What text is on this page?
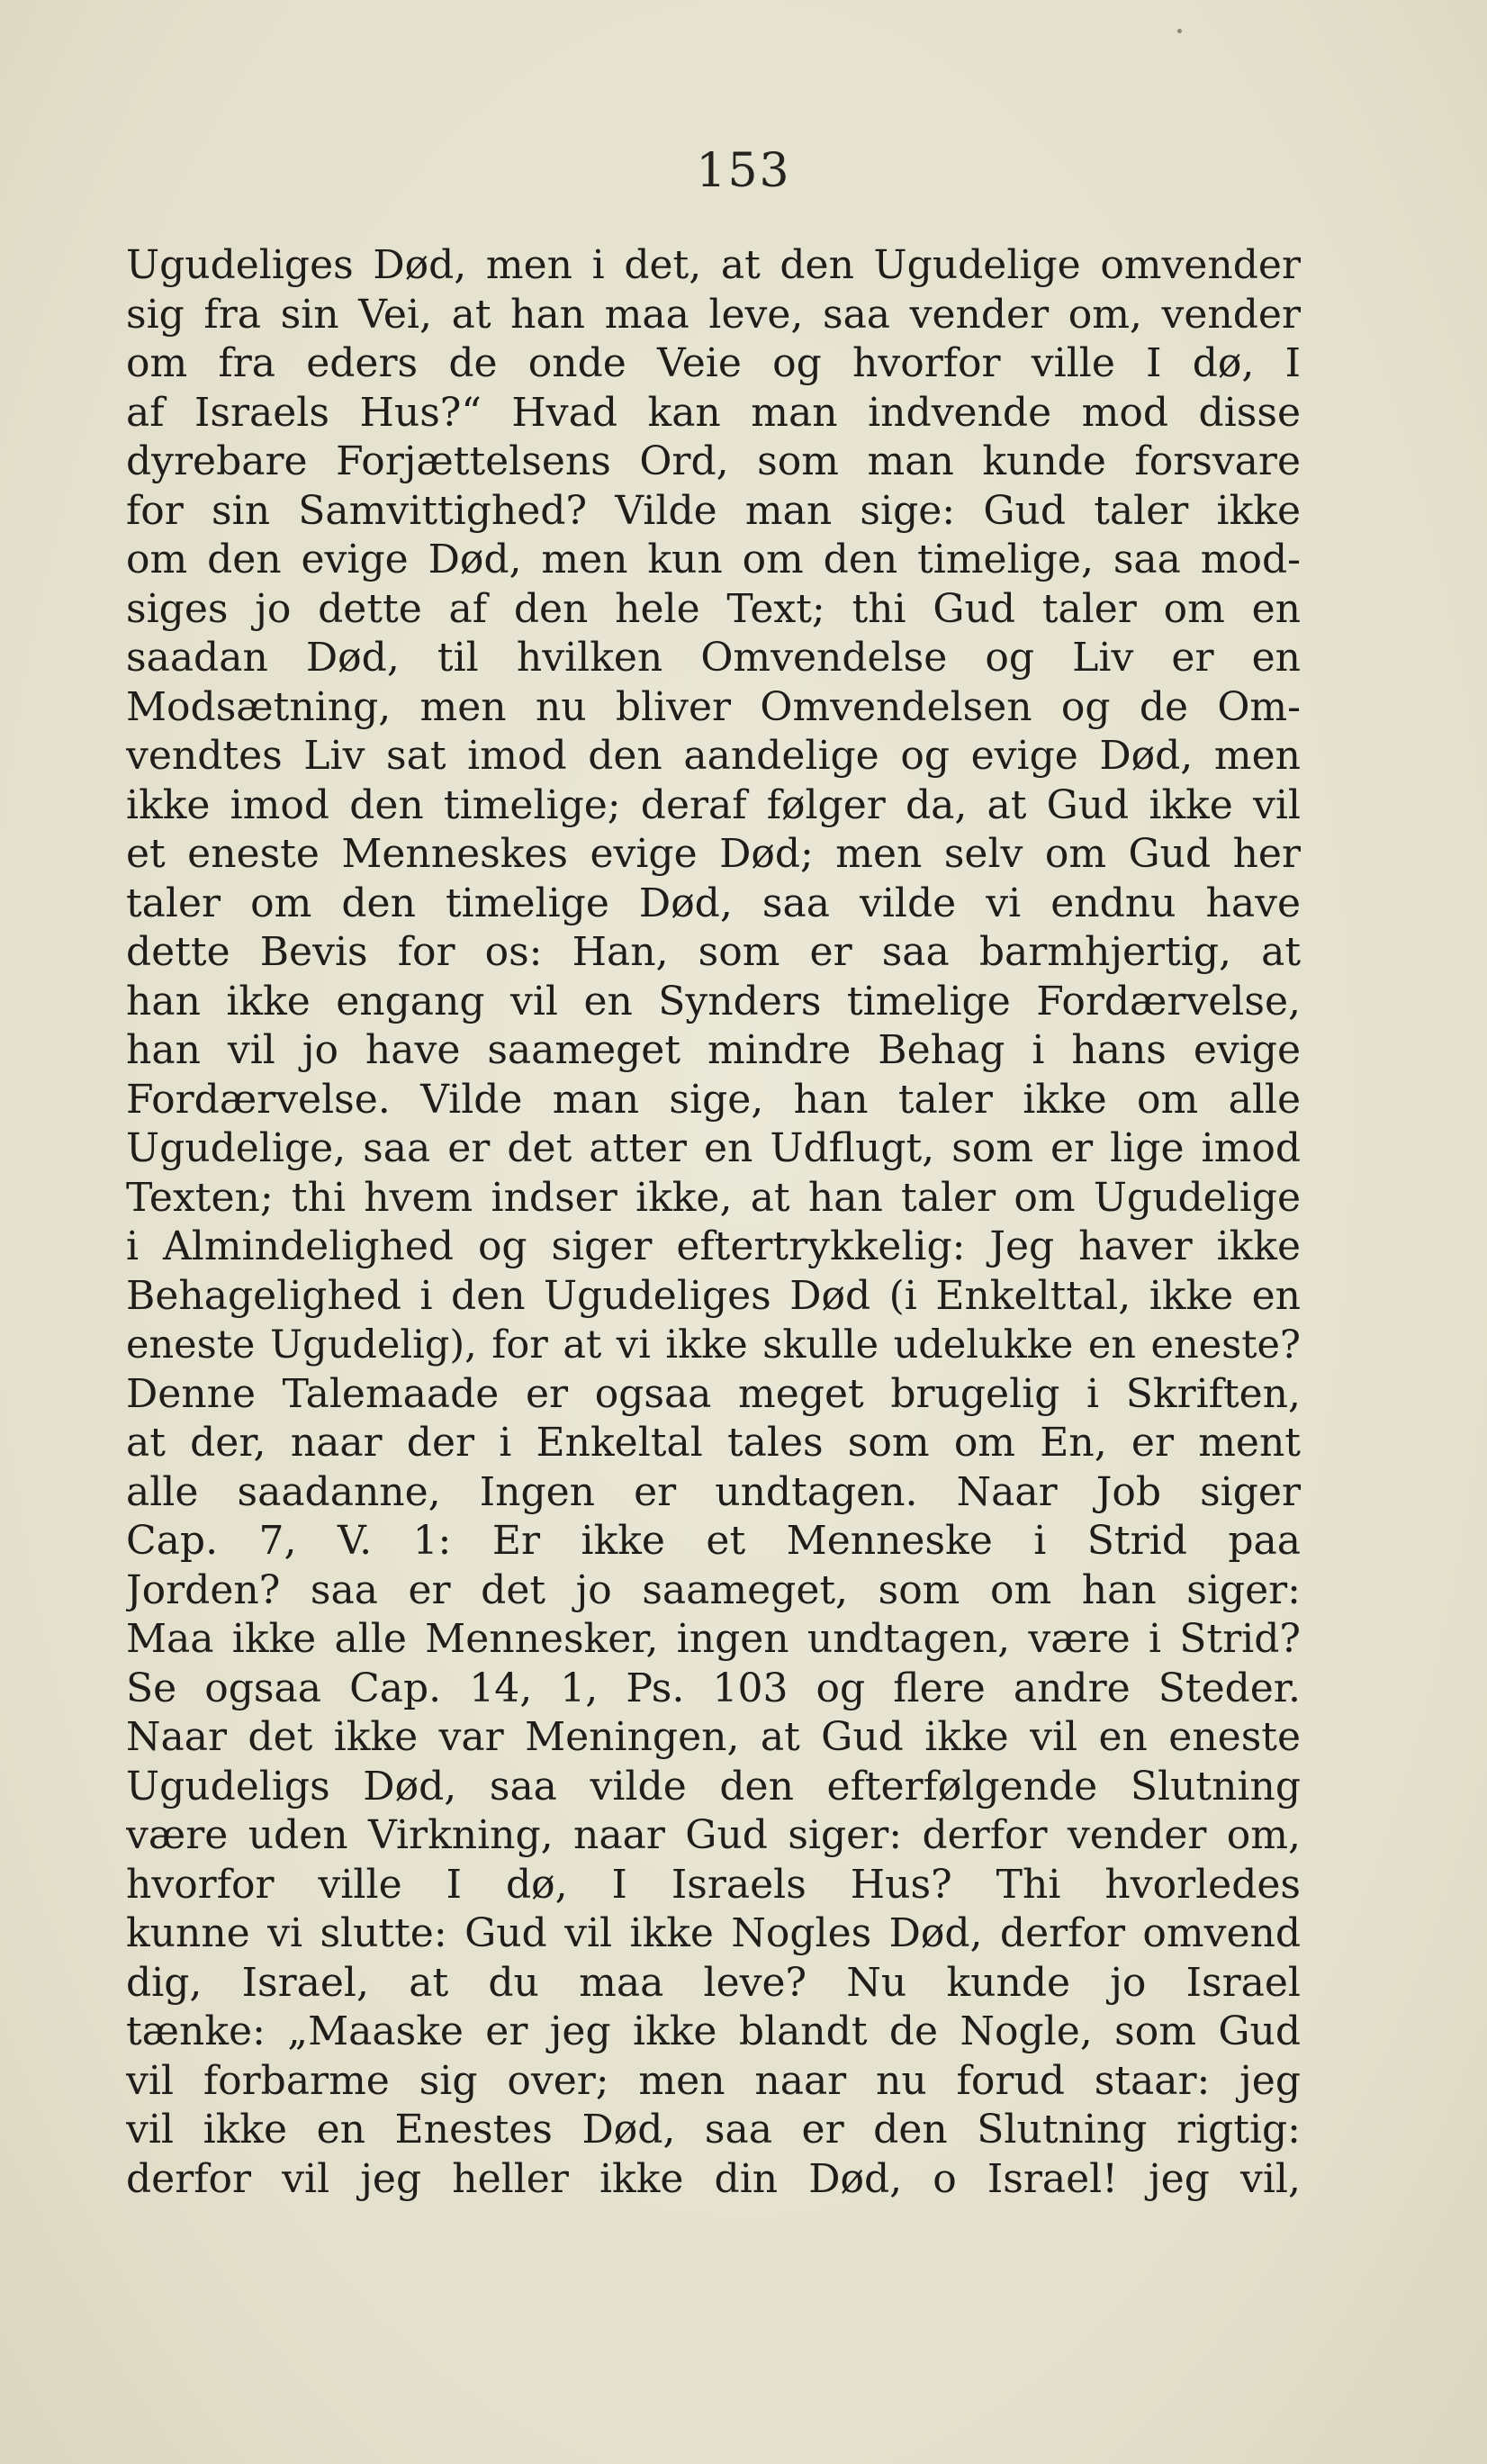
153
Ugudeliges Død, men i det, at den Ugudelige omvender
sig fra sin Vei, at han maa leve, saa vender om, vender
om fra eders de onde Veie og hvorfor ville I dø, I
af Israels Hus?“ Hvad kan man indvende mod disse
dyrebare Forjættelsens Ord, som man kunde forsvare
for sin Samvittighed? Vilde man sige: Gud taler ikke
om den evige Død, men kun om den timelige, saa mod-
siges jo dette af den hele Text; thi Gud taler om en
saadan Død, til hvilken Omvendelse og Liv er en
Modsætning, men nu bliver Omvendelsen og de Om-
vendtes Liv sat imod den aandelige og evige Død, men
ikke imod den timelige; deraf følger da, at Gud ikke vil
et eneste Menneskes evige Død; men selv om Gud her
taler om den timelige Død, saa vilde vi endnu have
dette Bevis for os: Han, som er saa barmhjertig, at
han ikke engang vil en Synders timelige Fordærvelse,
han vil jo have saameget mindre Behag i hans evige
Fordærvelse. Vilde man sige, han taler ikke om alle
Ugudelige, saa er det atter en Udflugt, som er lige imod
Texten; thi hvem indser ikke, at han taler om Ugudelige
i Almindelighed og siger eftertrykkelig: Jeg haver ikke
Behagelighed i den Ugudeliges Død (i Enkelttal, ikke en
eneste Ugudelig), for at vi ikke skulle udelukke en eneste?
Denne Talemaade er ogsaa meget brugelig i Skriften,
at der, naar der i Enkeltal tales som om En, er ment
alle saadanne, Ingen er undtagen. Naar Job siger
Cap. 7, V. 1: Er ikke et Menneske i Strid paa
Jorden? saa er det jo saameget, som om han siger:
Maa ikke alle Mennesker, ingen undtagen, være i Strid?
Se ogsaa Cap. 14, 1, Ps. 103 og flere andre Steder.
Naar det ikke var Meningen, at Gud ikke vil en eneste
Ugudeligs Død, saa vilde den efterfølgende Slutning
være uden Virkning, naar Gud siger: derfor vender om,
hvorfor ville I dø, I Israels Hus? Thi hvorledes
kunne vi slutte: Gud vil ikke Nogles Død, derfor omvend
dig, Israel, at du maa leve? Nu kunde jo Israel
tænke: „Maaske er jeg ikke blandt de Nogle, som Gud
vil forbarme sig over; men naar nu forud staar: jeg
vil ikke en Enestes Død, saa er den Slutning rigtig:
derfor vil jeg heller ikke din Død, o Israel! jeg vil,
